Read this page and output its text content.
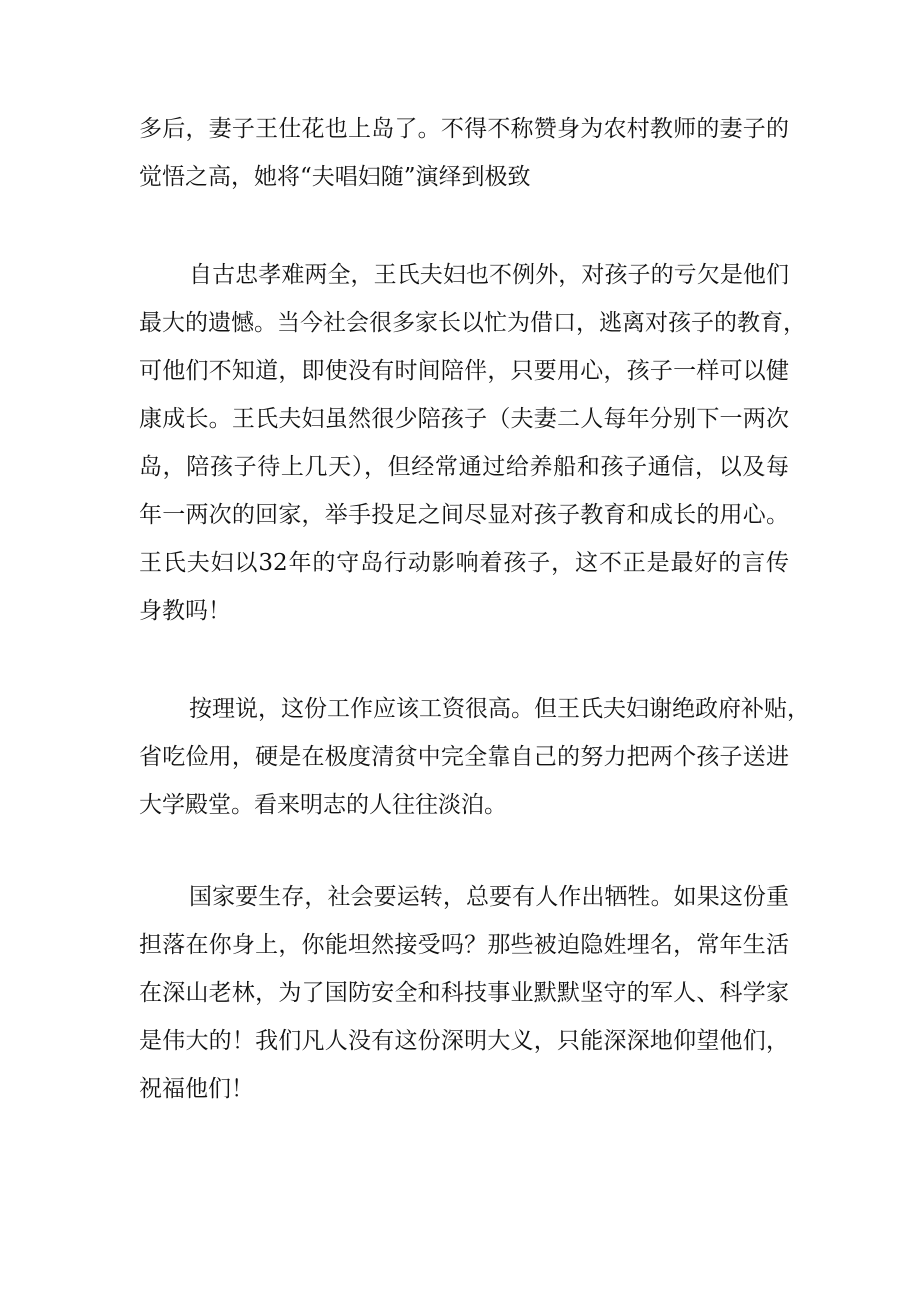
多后，妻子王仕花也上岛了。不得不称赞身为农村教师的妻子的
觉悟之高，她将“夫唱妇随”演绎到极致
自古忠孝难两全，王氏夫妇也不例外，对孩子的亏欠是他们
最大的遗憾。当今社会很多家长以忙为借口，逃离对孩子的教育，
可他们不知道，即使没有时间陪伴，只要用心，孩子一样可以健
康成长。王氏夫妇虽然很少陪孩子（夫妻二人每年分别下一两次
岛，陪孩子待上几天），但经常通过给养船和孩子通信，以及每
年一两次的回家，举手投足之间尽显对孩子教育和成长的用心。
王氏夫妇以32年的守岛行动影响着孩子，这不正是最好的言传
身教吗！
按理说，这份工作应该工资很高。但王氏夫妇谢绝政府补贴，
省吃俭用，硬是在极度清贫中完全靠自己的努力把两个孩子送进
大学殿堂。看来明志的人往往淡泊。
国家要生存，社会要运转，总要有人作出牺牲。如果这份重
担落在你身上，你能坦然接受吗？那些被迫隐姓埋名，常年生活
在深山老林，为了国防安全和科技事业默默坚守的军人、科学家
是伟大的！我们凡人没有这份深明大义，只能深深地仰望他们，
祝福他们！
